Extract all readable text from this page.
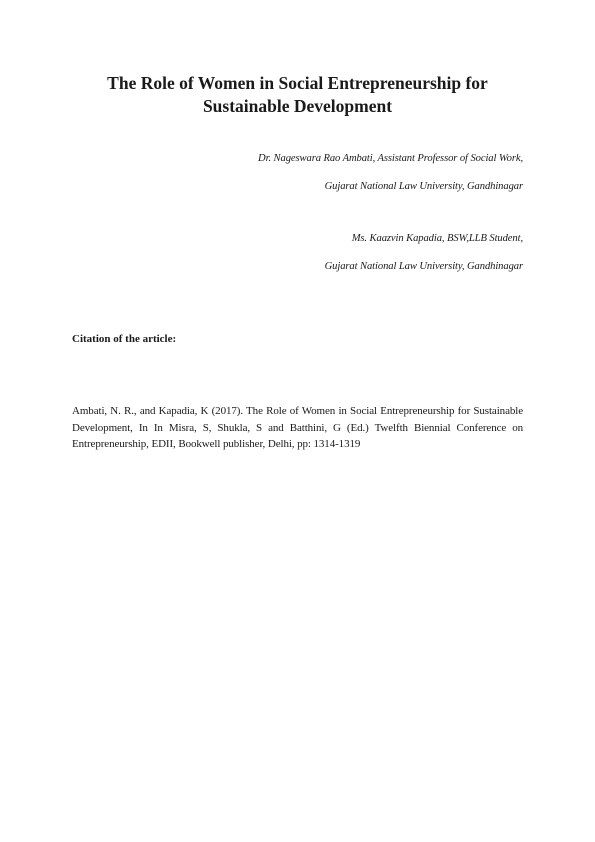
The Role of Women in Social Entrepreneurship for
Sustainable Development
Dr. Nageswara Rao Ambati, Assistant Professor of Social Work,
Gujarat National Law University, Gandhinagar
Ms. Kaazvin Kapadia, BSW,LLB Student,
Gujarat National Law University, Gandhinagar

Citation of the article:

Ambati, N. R., and Kapadia, K (2017). The Role of Women in Social Entrepreneurship for Sustainable Development, In In Misra, S, Shukla, S and Batthini, G (Ed.) Twelfth Biennial Conference on Entrepreneurship, EDII, Bookwell publisher, Delhi, pp: 1314-1319
